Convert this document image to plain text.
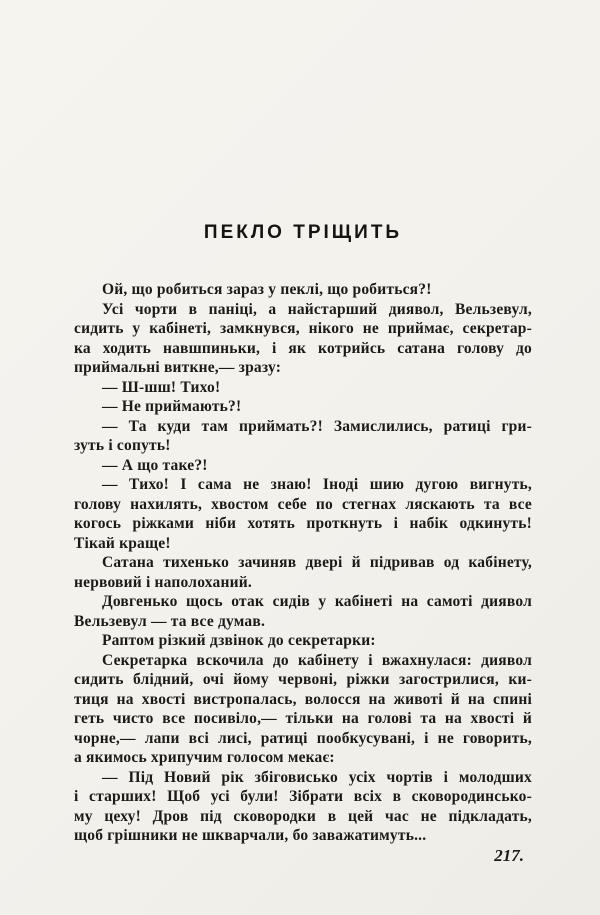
ПЕКЛО ТРІЩИТЬ

Ой, що робиться зараз у пеклі, що робиться?!

Усі чорти в паніці, а найстарший диявол, Вельзевул,
сидить у кабінеті, замкнувся, нікого не приймає, секретар-
ка ходить навшпиньки, і як котрийсь сатана голову до
приймальні виткне,— зразу:

— Ш-шш! Тихо!

— Не приймають?!

— Та куди там приймать?! Замислились, ратиці гри-
зуть і сопуть!

— А що таке?!

— Тихо! І сама не знаю! Іноді шию дугою вигнуть,
голову нахилять, хвостом себе по стегнах ляскають та все
когось ріжками ніби хотять проткнуть і набік одкинуть!
Тікай краще!

Сатана тихенько зачиняв двері й підривав од кабінету,
нервовий і наполоханий.

Довгенько щось отак сидів у кабінеті на самоті диявол
Вельзевул — та все думав.

Раптом різкий дзвінок до секретарки:

Секретарка вскочила до кабінету і вжахнулася: диявол
сидить блідний, очі йому червоні, ріжки загострилися, ки-
тиця на хвості вистропалась, волосся на животі й на спині
геть чисто все посивіло,— тільки на голові та на хвості й
чорне,— лапи всі лисі, ратиці пообкусувані, і не говорить,
а якимось хрипучим голосом мекає:

— Під Новий рік збіговисько усіх чортів і молодших
і старших! Щоб усі були! Зібрати всіх в сковородинсько-
му цеху! Дров під сковородки в цей час не підкладать,
щоб грішники не шкварчали, бо заважатимуть...

217.
